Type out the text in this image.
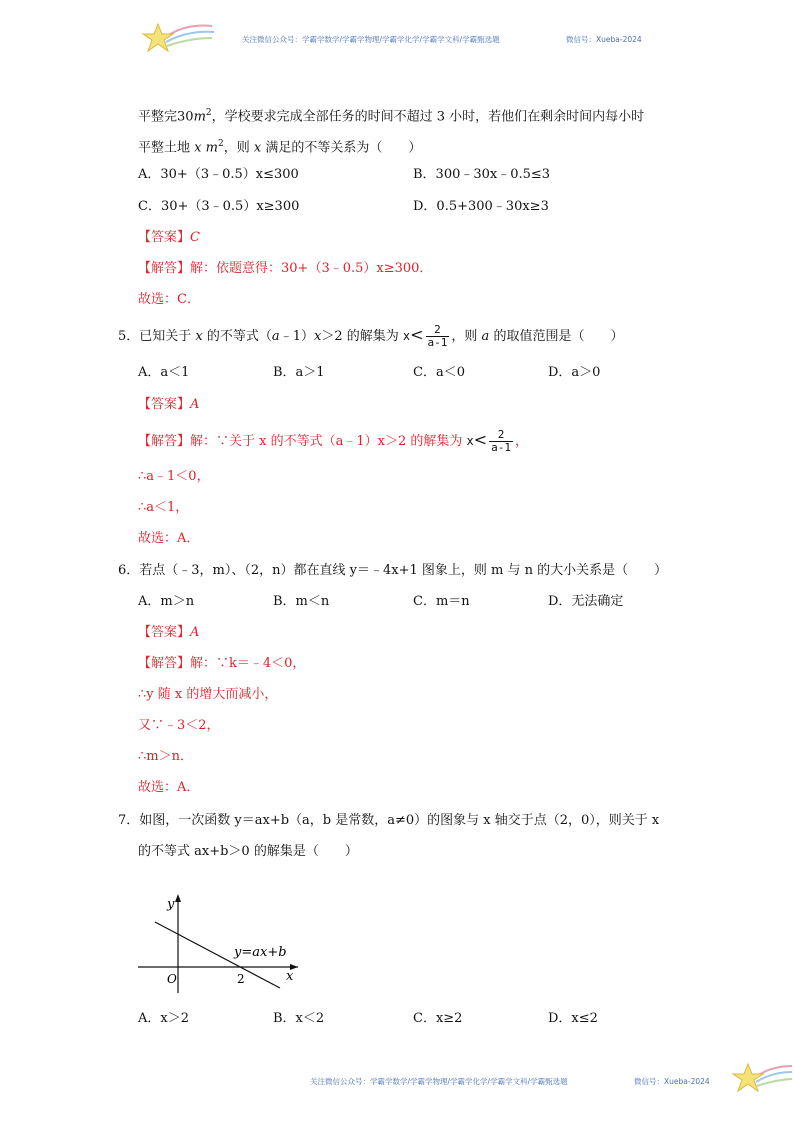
关注微信公众号：学霸学数学/学霸学物理/学霸学化学/学霸学文科/学霸甄选题	微信号：Xueba-2024
平整完$30m^2$，学校要求完成全部任务的时间不超过 3 小时，若他们在剩余时间内每小时
平整土地 x $m^2$，则 x 满足的不等关系为（　　）
A．30+（3﹣0.5）x≤300	B．300﹣30x﹣0.5≤3
C．30+（3﹣0.5）x≥300	D．0.5+300﹣30x≥3
【答案】C
【解答】解：依题意得：30+（3﹣0.5）x≥300．
故选：C．
5．已知关于 x 的不等式（a﹣1）x＞2 的解集为 $x< \frac{2}{a-1}$ ，则 a 的取值范围是（　　）
A．a＜1	B．a＞1	C．a＜0	D．a＞0
【答案】A
【解答】解：∵关于 x 的不等式（a﹣1）x＞2 的解集为 $x< \frac{2}{a-1}$ ，
∴a﹣1＜0，
∴a＜1，
故选：A．
6．若点（﹣3，m）、（2，n）都在直线 y＝﹣4x+1 图象上，则 m 与 n 的大小关系是（　　）
A．m＞n	B．m＜n	C．m＝n	D．无法确定
【答案】A
【解答】解：∵k＝﹣4＜0，
∴y 随 x 的增大而减小，
又∵﹣3＜2，
∴m＞n．
故选：A．
7．如图，一次函数 y＝ax+b（a，b 是常数，a≠0）的图象与 x 轴交于点（2，0），则关于 x
的不等式 ax+b＞0 的解集是（　　）
y
x
O	2
y=ax+b
A．x＞2	B．x＜2	C．x≥2	D．x≤2
关注微信公众号：学霸学数学/学霸学物理/学霸学化学/学霸学文科/学霸甄选题	微信号：Xueba-2024
